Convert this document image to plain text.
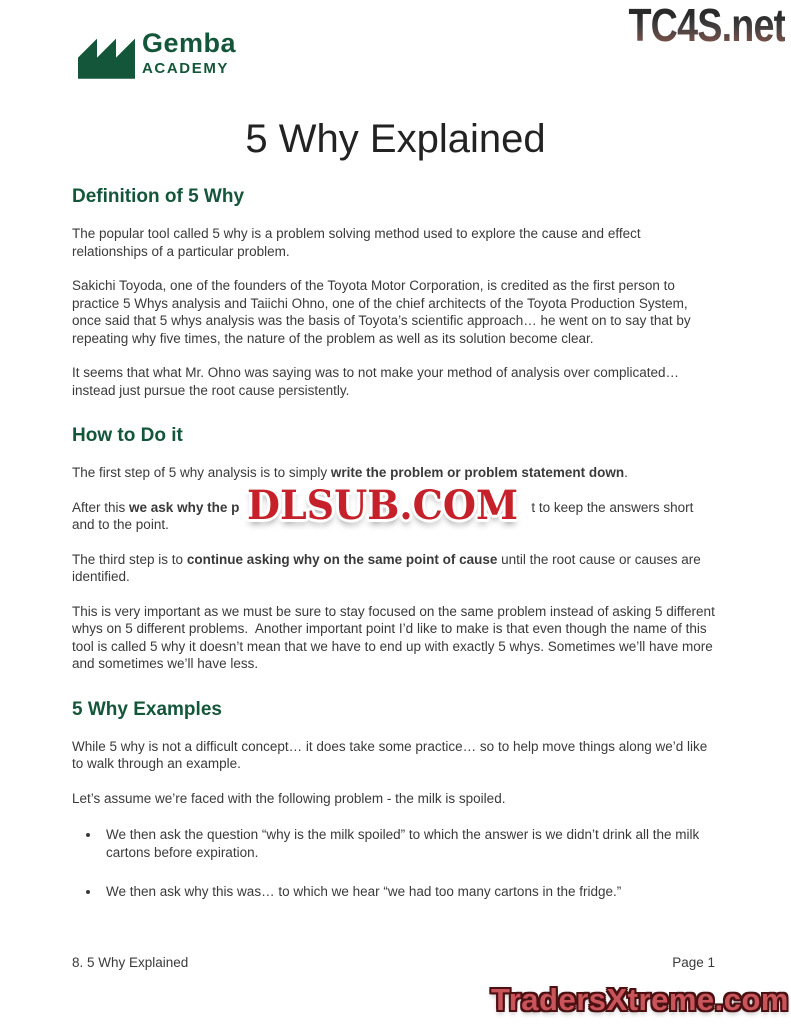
Gemba
ACADEMY
TC4S.net
5 Why Explained
Definition of 5 Why

The popular tool called 5 why is a problem solving method used to explore the cause and effect relationships of a particular problem.

Sakichi Toyoda, one of the founders of the Toyota Motor Corporation, is credited as the first person to practice 5 Whys analysis and Taiichi Ohno, one of the chief architects of the Toyota Production System, once said that 5 whys analysis was the basis of Toyota’s scientific approach… he went on to say that by repeating why five times, the nature of the problem as well as its solution become clear.

It seems that what Mr. Ohno was saying was to not make your method of analysis over complicated… instead just pursue the root cause persistently.

How to Do it

The first step of 5 why analysis is to simply write the problem or problem statement down.

After this we ask why the p	t to keep the answers short
and to the point.

The third step is to continue asking why on the same point of cause until the root cause or causes are identified.

This is very important as we must be sure to stay focused on the same problem instead of asking 5 different whys on 5 different problems.  Another important point I’d like to make is that even though the name of this tool is called 5 why it doesn’t mean that we have to end up with exactly 5 whys. Sometimes we’ll have more and sometimes we’ll have less.

5 Why Examples

While 5 why is not a difficult concept… it does take some practice… so to help move things along we’d like to walk through an example.

Let’s assume we’re faced with the following problem - the milk is spoiled.

• We then ask the question “why is the milk spoiled” to which the answer is we didn’t drink all the milk cartons before expiration.
• We then ask why this was… to which we hear “we had too many cartons in the fridge.”
DLSUB.COM
8. 5 Why Explained	Page 1
TradersXtreme.com
